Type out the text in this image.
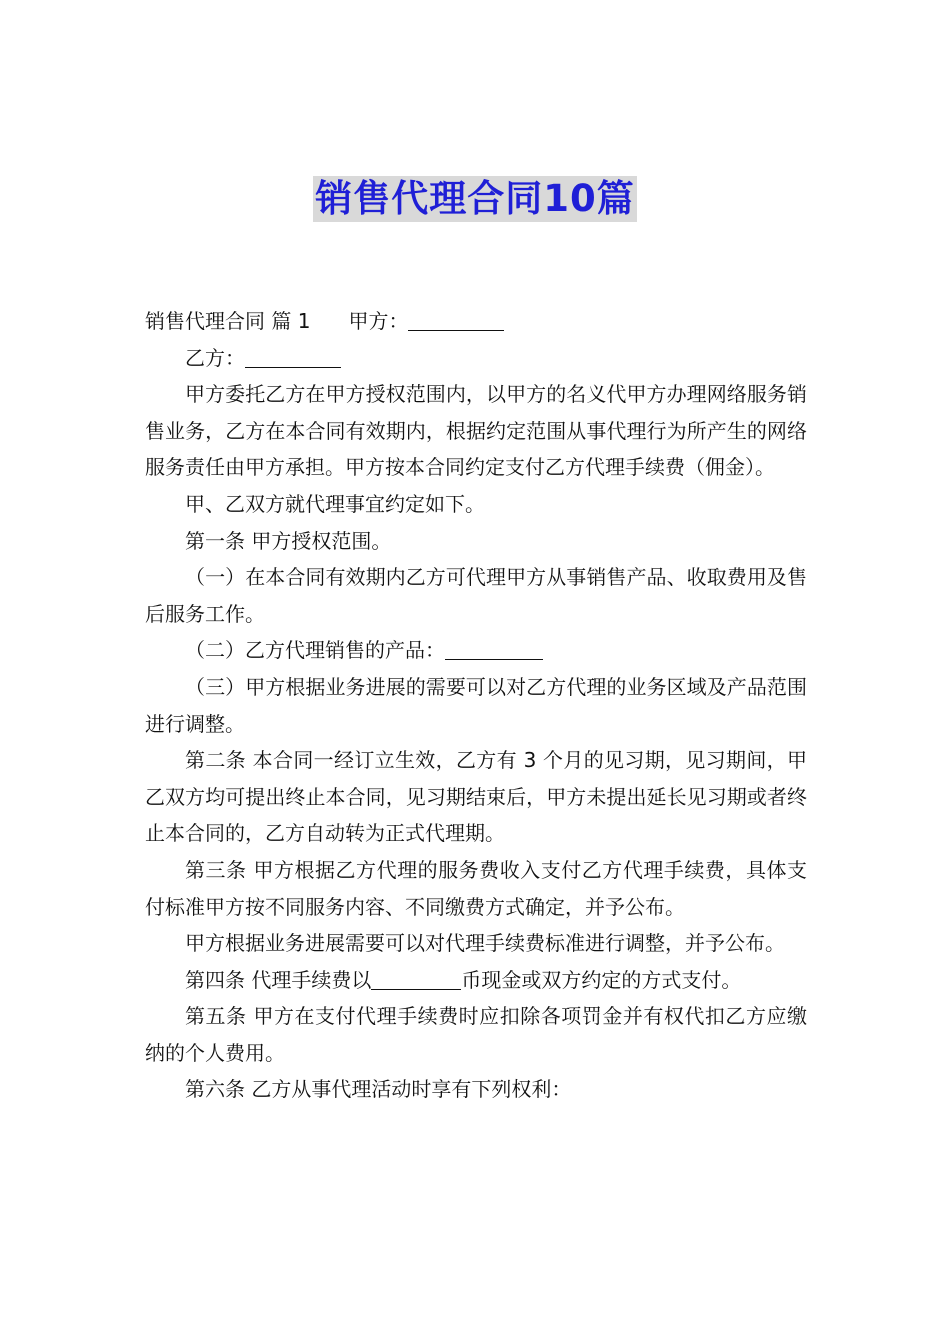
销售代理合同10篇

销售代理合同 篇 1 甲方：

乙方：

甲方委托乙方在甲方授权范围内，以甲方的名义代甲方办理网络服务销售业务，乙方在本合同有效期内，根据约定范围从事代理行为所产生的网络服务责任由甲方承担。甲方按本合同约定支付乙方代理手续费（佣金）。

甲、乙双方就代理事宜约定如下。

第一条 甲方授权范围。

（一）在本合同有效期内乙方可代理甲方从事销售产品、收取费用及售后服务工作。

（二）乙方代理销售的产品：

（三）甲方根据业务进展的需要可以对乙方代理的业务区域及产品范围进行调整。

第二条 本合同一经订立生效，乙方有 3 个月的见习期，见习期间，甲乙双方均可提出终止本合同，见习期结束后，甲方未提出延长见习期或者终止本合同的，乙方自动转为正式代理期。

第三条 甲方根据乙方代理的服务费收入支付乙方代理手续费，具体支付标准甲方按不同服务内容、不同缴费方式确定，并予公布。

甲方根据业务进展需要可以对代理手续费标准进行调整，并予公布。

第四条 代理手续费以	币现金或双方约定的方式支付。

第五条 甲方在支付代理手续费时应扣除各项罚金并有权代扣乙方应缴纳的个人费用。

第六条 乙方从事代理活动时享有下列权利：
